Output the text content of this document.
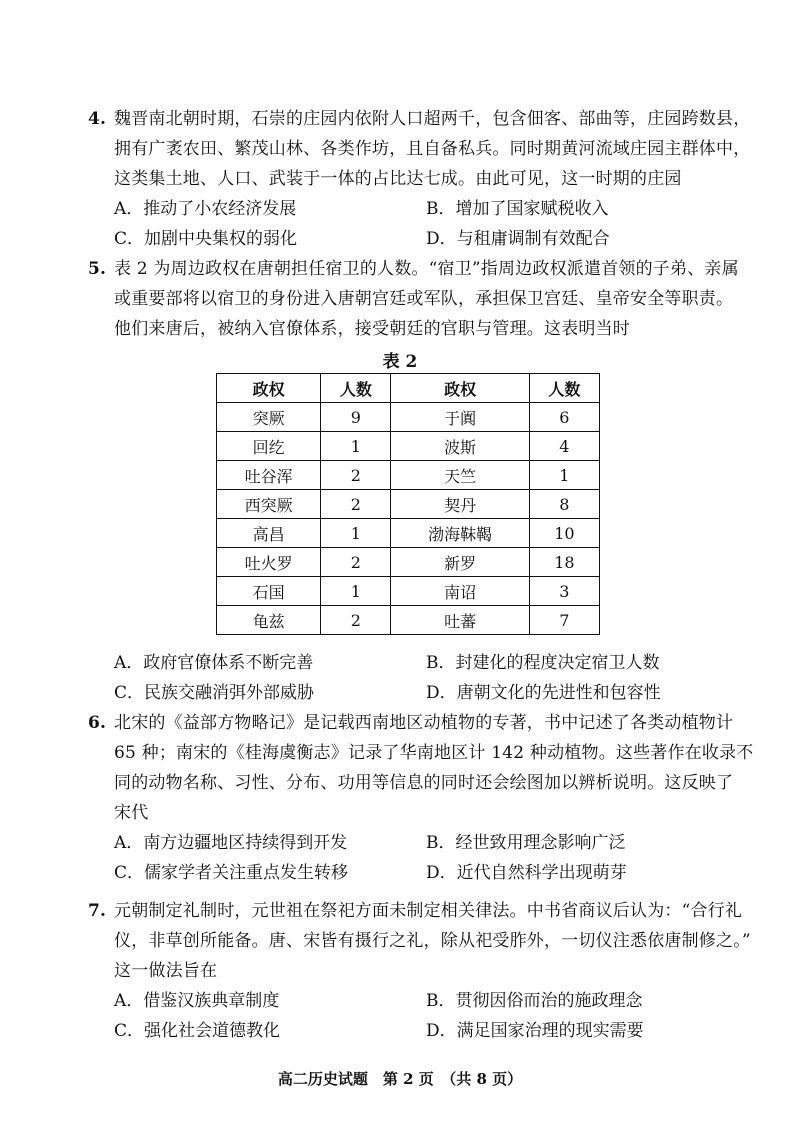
4. 魏晋南北朝时期，石崇的庄园内依附人口超两千，包含佃客、部曲等，庄园跨数县，
拥有广袤农田、繁茂山林、各类作坊，且自备私兵。同时期黄河流域庄园主群体中，
这类集土地、人口、武装于一体的占比达七成。由此可见，这一时期的庄园
A．推动了小农经济发展	B．增加了国家赋税收入
C．加剧中央集权的弱化	D．与租庸调制有效配合
5. 表 2 为周边政权在唐朝担任宿卫的人数。“宿卫”指周边政权派遣首领的子弟、亲属
或重要部将以宿卫的身份进入唐朝宫廷或军队，承担保卫宫廷、皇帝安全等职责。
他们来唐后，被纳入官僚体系，接受朝廷的官职与管理。这表明当时
表 2
政权	人数	政权	人数
突厥	9	于阗	6
回纥	1	波斯	4
吐谷浑	2	天竺	1
西突厥	2	契丹	8
高昌	1	渤海靺鞨	10
吐火罗	2	新罗	18
石国	1	南诏	3
龟兹	2	吐蕃	7
A．政府官僚体系不断完善	B．封建化的程度决定宿卫人数
C．民族交融消弭外部威胁	D．唐朝文化的先进性和包容性
6. 北宋的《益部方物略记》是记载西南地区动植物的专著，书中记述了各类动植物计
65 种；南宋的《桂海虞衡志》记录了华南地区计 142 种动植物。这些著作在收录不
同的动物名称、习性、分布、功用等信息的同时还会绘图加以辨析说明。这反映了
宋代
A．南方边疆地区持续得到开发	B．经世致用理念影响广泛
C．儒家学者关注重点发生转移	D．近代自然科学出现萌芽
7. 元朝制定礼制时，元世祖在祭祀方面未制定相关律法。中书省商议后认为：“合行礼
仪，非草创所能备。唐、宋皆有摄行之礼，除从祀受胙外，一切仪注悉依唐制修之。”
这一做法旨在
A．借鉴汉族典章制度	B．贯彻因俗而治的施政理念
C．强化社会道德教化	D．满足国家治理的现实需要
高二历史试题　第 2 页　（共 8 页）
